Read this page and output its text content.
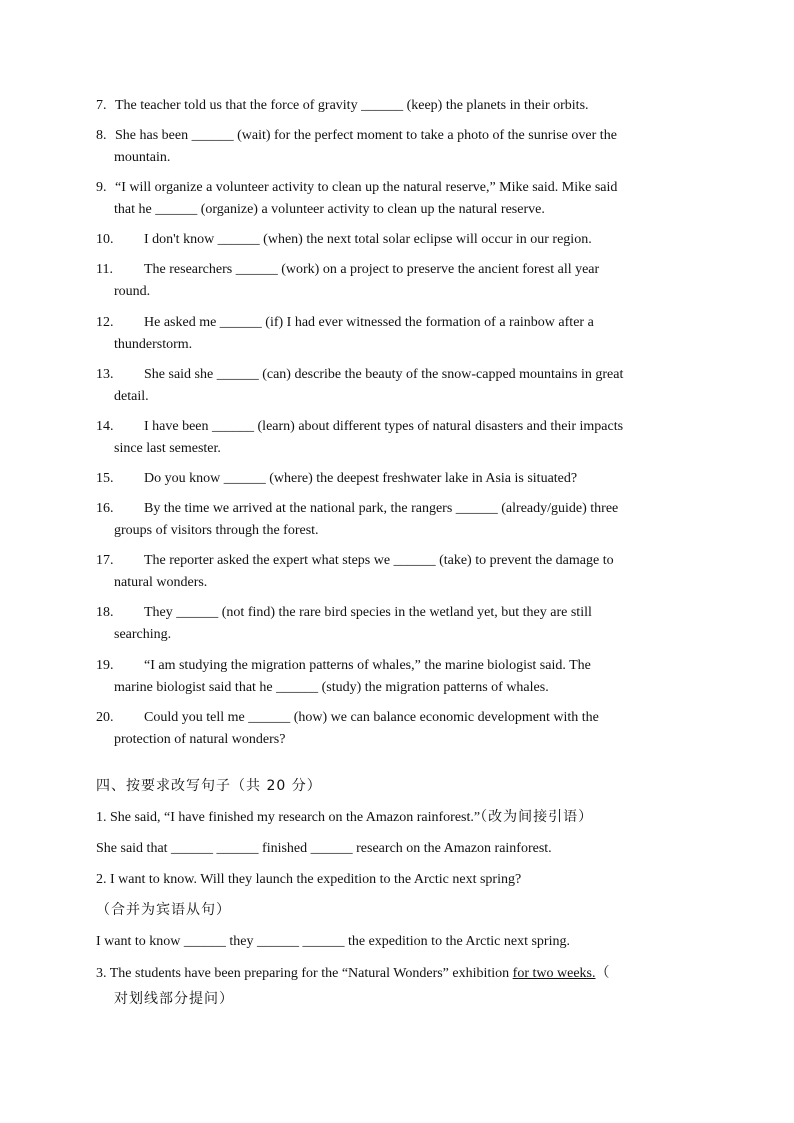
7. The teacher told us that the force of gravity ______ (keep) the planets in their orbits.
8. She has been ______ (wait) for the perfect moment to take a photo of the sunrise over the
mountain.
9. “I will organize a volunteer activity to clean up the natural reserve,” Mike said. Mike said
that he ______ (organize) a volunteer activity to clean up the natural reserve.
10. I don't know ______ (when) the next total solar eclipse will occur in our region.
11. The researchers ______ (work) on a project to preserve the ancient forest all year
round.
12. He asked me ______ (if) I had ever witnessed the formation of a rainbow after a
thunderstorm.
13. She said she ______ (can) describe the beauty of the snow-capped mountains in great
detail.
14. I have been ______ (learn) about different types of natural disasters and their impacts
since last semester.
15. Do you know ______ (where) the deepest freshwater lake in Asia is situated?
16. By the time we arrived at the national park, the rangers ______ (already/guide) three
groups of visitors through the forest.
17. The reporter asked the expert what steps we ______ (take) to prevent the damage to
natural wonders.
18. They ______ (not find) the rare bird species in the wetland yet, but they are still
searching.
19. “I am studying the migration patterns of whales,” the marine biologist said. The
marine biologist said that he ______ (study) the migration patterns of whales.
20. Could you tell me ______ (how) we can balance economic development with the
protection of natural wonders?
四、按要求改写句子（共 20 分）
1. She said, “I have finished my research on the Amazon rainforest.”（改为间接引语）
She said that ______ ______ finished ______ research on the Amazon rainforest.
2. I want to know. Will they launch the expedition to the Arctic next spring?
（合并为宾语从句）
I want to know ______ they ______ ______ the expedition to the Arctic next spring.
3. The students have been preparing for the “Natural Wonders” exhibition for two weeks.（
对划线部分提问）
